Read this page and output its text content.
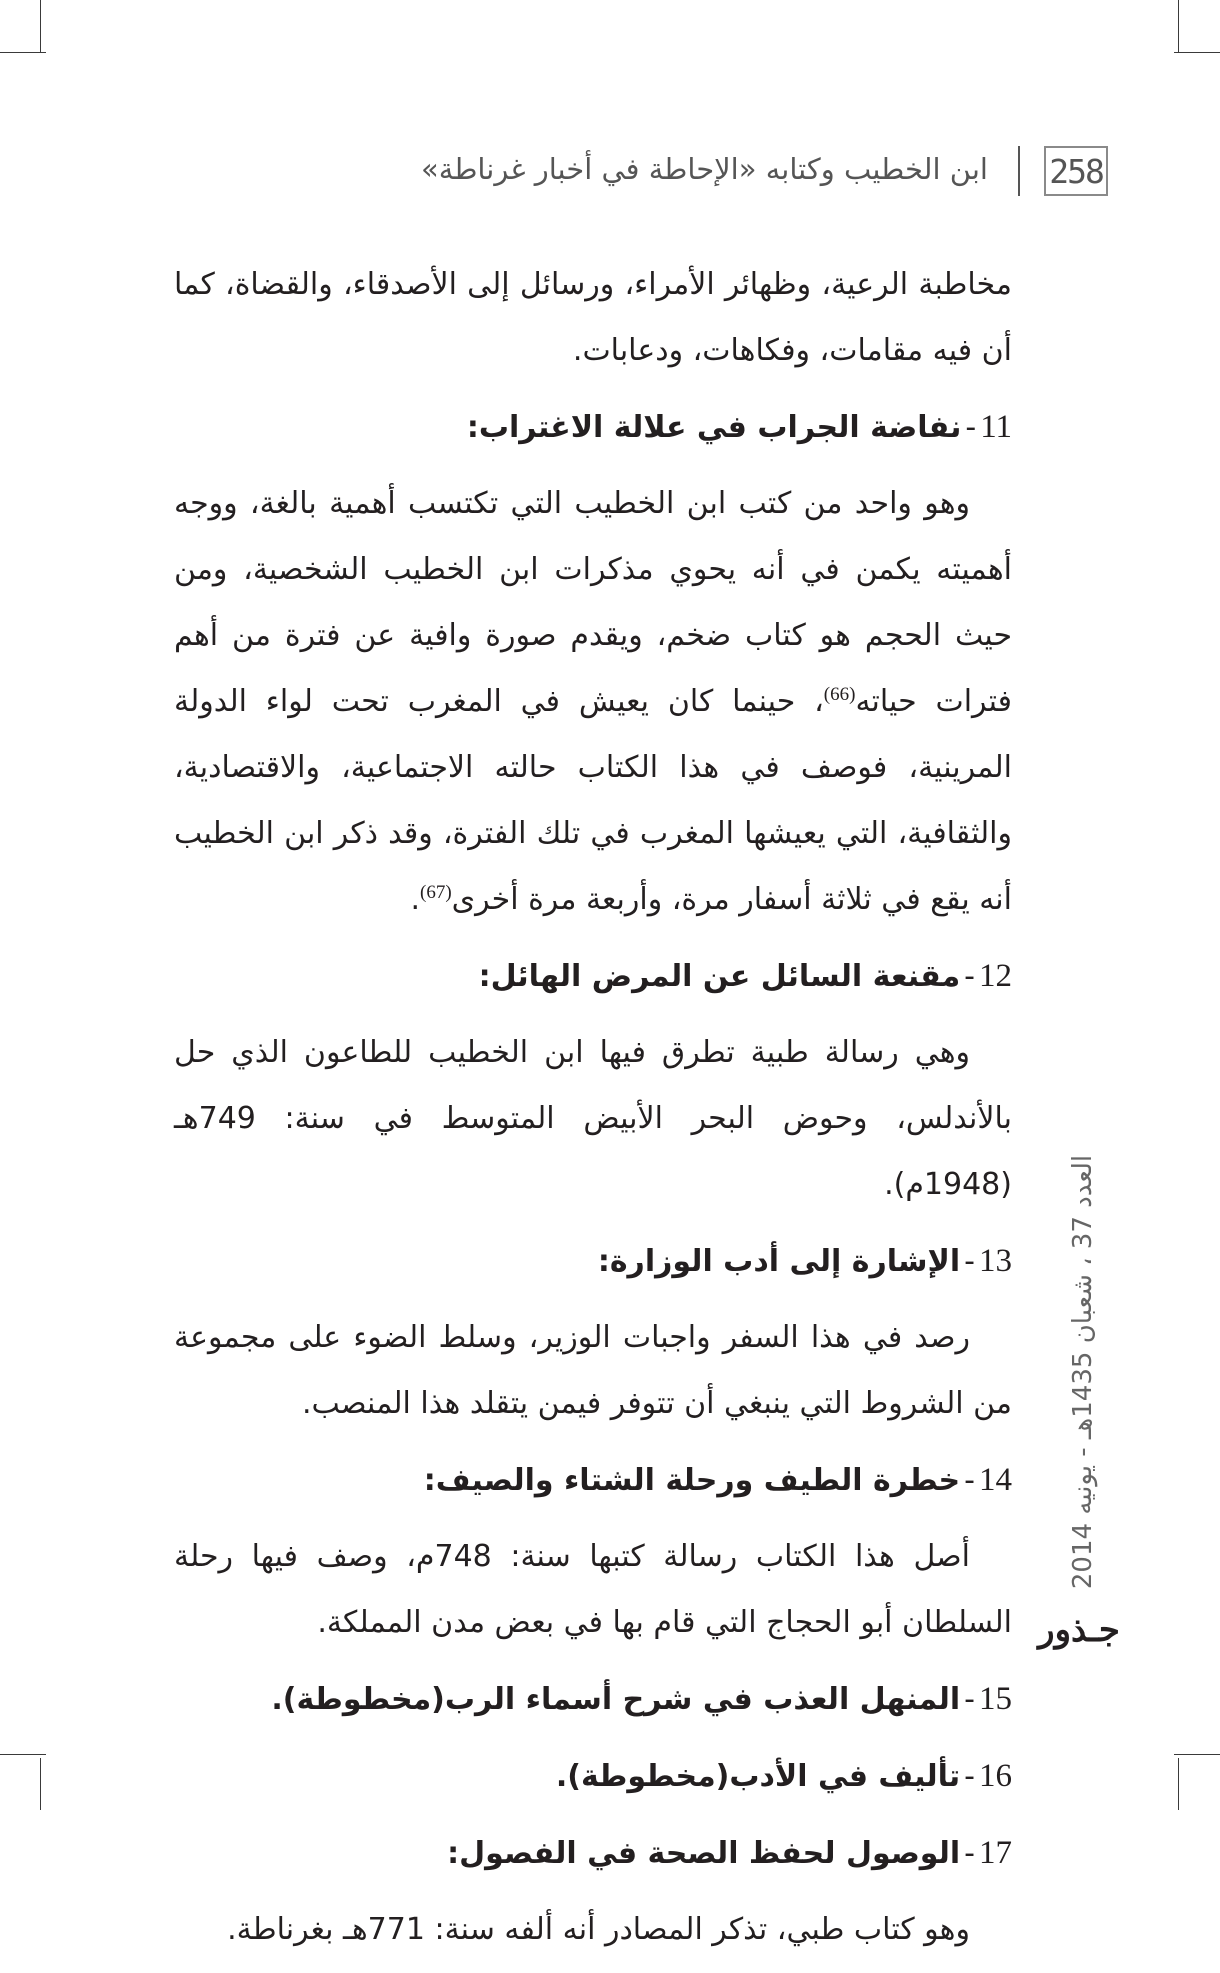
258
ابن الخطيب وكتابه «الإحاطة في أخبار غرناطة»

مخاطبة الرعية، وظهائر الأمراء، ورسائل إلى الأصدقاء، والقضاة، كما أن فيه مقامات، وفكاهات، ودعابات.

11-نفاضة الجراب في علالة الاغتراب:

وهو واحد من كتب ابن الخطيب التي تكتسب أهمية بالغة، ووجه أهميته يكمن في أنه يحوي مذكرات ابن الخطيب الشخصية، ومن حيث الحجم هو كتاب ضخم، ويقدم صورة وافية عن فترة من أهم فترات حياته$^{(66)}$، حينما كان يعيش في المغرب تحت لواء الدولة المرينية، فوصف في هذا الكتاب حالته الاجتماعية، والاقتصادية، والثقافية، التي يعيشها المغرب في تلك الفترة، وقد ذكر ابن الخطيب أنه يقع في ثلاثة أسفار مرة، وأربعة مرة أخرى$^{(67)}$.

12-مقنعة السائل عن المرض الهائل:

وهي رسالة طبية تطرق فيها ابن الخطيب للطاعون الذي حل بالأندلس، وحوض البحر الأبيض المتوسط في سنة: 749هـ (1948م).

13-الإشارة إلى أدب الوزارة:

رصد في هذا السفر واجبات الوزير، وسلط الضوء على مجموعة من الشروط التي ينبغي أن تتوفر فيمن يتقلد هذا المنصب.

14-خطرة الطيف ورحلة الشتاء والصيف:

أصل هذا الكتاب رسالة كتبها سنة: 748م، وصف فيها رحلة السلطان أبو الحجاج التي قام بها في بعض مدن المملكة.

15-المنهل العذب في شرح أسماء الرب(مخطوطة).
16-تأليف في الأدب(مخطوطة).
17-الوصول لحفظ الصحة في الفصول:

وهو كتاب طبي، تذكر المصادر أنه ألفه سنة: 771هـ بغرناطة.

العدد 37 ، شعبان 1435هـ - يونيه 2014
جـذور
